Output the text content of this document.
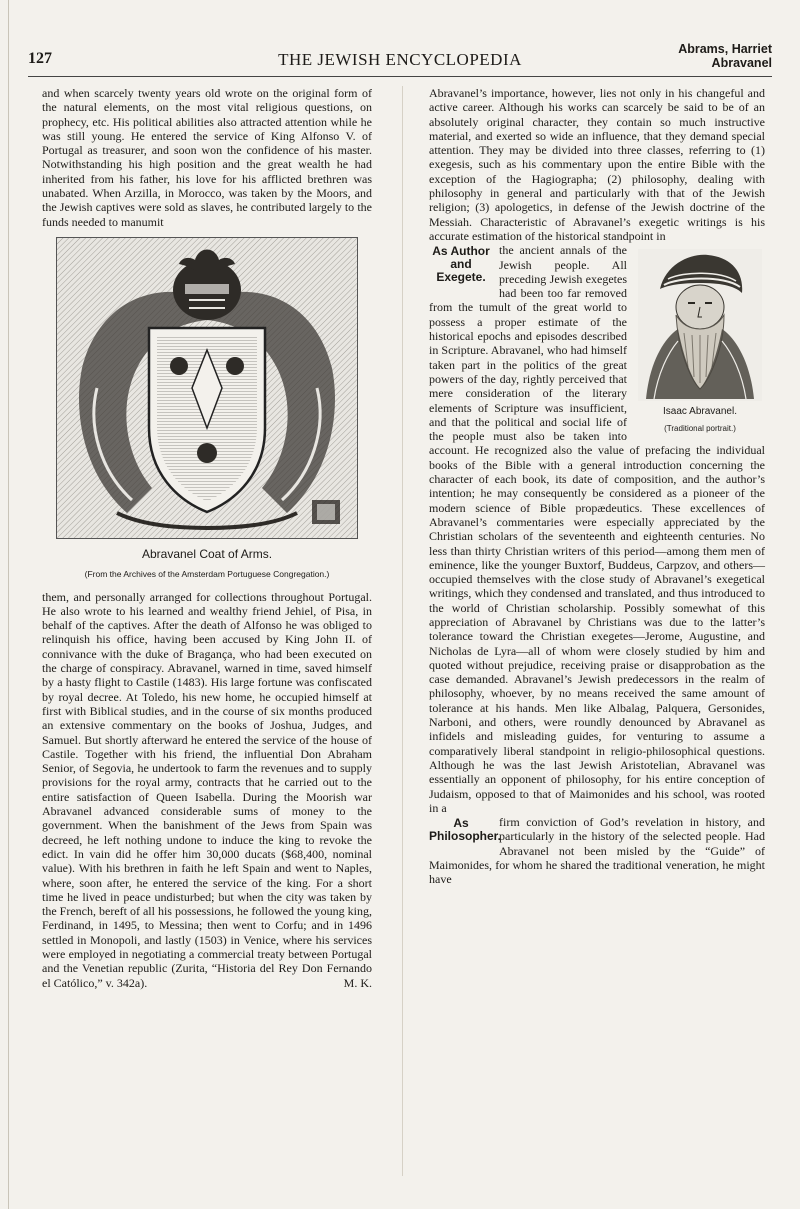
127	THE JEWISH ENCYCLOPEDIA
Abrams, Harriet
Abravanel

and when scarcely twenty years old wrote on the original form of the natural elements, on the most vital religious questions, on prophecy, etc. His political abilities also attracted attention while he was still young. He entered the service of King Alfonso V. of Portugal as treasurer, and soon won the confidence of his master. Notwithstanding his high position and the great wealth he had inherited from his father, his love for his afflicted brethren was unabated. When Arzilla, in Morocco, was taken by the Moors, and the Jewish captives were sold as slaves, he contributed largely to the funds needed to manumit

Abravanel Coat of Arms.
(From the Archives of the Amsterdam Portuguese Congregation.)

them, and personally arranged for collections throughout Portugal. He also wrote to his learned and wealthy friend Jehiel, of Pisa, in behalf of the captives. After the death of Alfonso he was obliged to relinquish his office, having been accused by King John II. of connivance with the duke of Bragança, who had been executed on the charge of conspiracy. Abravanel, warned in time, saved himself by a hasty flight to Castile (1483). His large fortune was confiscated by royal decree. At Toledo, his new home, he occupied himself at first with Biblical studies, and in the course of six months produced an extensive commentary on the books of Joshua, Judges, and Samuel. But shortly afterward he entered the service of the house of Castile. Together with his friend, the influential Don Abraham Senior, of Segovia, he undertook to farm the revenues and to supply provisions for the royal army, contracts that he carried out to the entire satisfaction of Queen Isabella. During the Moorish war Abravanel advanced considerable sums of money to the government. When the banishment of the Jews from Spain was decreed, he left nothing undone to induce the king to revoke the edict. In vain did he offer him 30,000 ducats ($68,400, nominal value). With his brethren in faith he left Spain and went to Naples, where, soon after, he entered the service of the king. For a short time he lived in peace undisturbed; but when the city was taken by the French, bereft of all his possessions, he followed the young king, Ferdinand, in 1495, to Messina; then went to Corfu; and in 1496 settled in Monopoli, and lastly (1503) in Venice, where his services were employed in negotiating a commercial treaty between Portugal and the Venetian republic (Zurita, “Historia del Rey Don Fernando el Católico,” v. 342a).	M. K.

Abravanel’s importance, however, lies not only in his changeful and active career. Although his works can scarcely be said to be of an absolutely original character, they contain so much instructive material, and exerted so wide an influence, that they demand special attention. They may be divided into three classes, referring to (1) exegesis, such as his commentary upon the entire Bible with the exception of the Hagiographa; (2) philosophy, dealing with philosophy in general and particularly with that of the Jewish religion; (3) apologetics, in defense of the Jewish doctrine of the Messiah. Characteristic of Abravanel’s exegetic writings is his accurate estimation of the historical standpoint in

As Author and Exegete.

Isaac Abravanel.
(Traditional portrait.)
the ancient annals of the Jewish people. All preceding Jewish exegetes had been too far removed from the tumult of the great world to possess a proper estimate of the historical epochs and episodes described in Scripture. Abravanel, who had himself taken part in the politics of the great powers of the day, rightly perceived that mere consideration of the literary elements of Scripture was insufficient, and that the political and social life of the people must also be taken into account. He recognized also the value of prefacing the individual books of the Bible with a general introduction concerning the character of each book, its date of composition, and the author’s intention; he may consequently be considered as a pioneer of the modern science of Bible propædeutics. These excellences of Abravanel’s commentaries were especially appreciated by the Christian scholars of the seventeenth and eighteenth centuries. No less than thirty Christian writers of this period—among them men of eminence, like the younger Buxtorf, Buddeus, Carpzov, and others—occupied themselves with the close study of Abravanel’s exegetical writings, which they condensed and translated, and thus introduced to the world of Christian scholarship. Possibly somewhat of this appreciation of Abravanel by Christians was due to the latter’s tolerance toward the Christian exegetes—Jerome, Augustine, and Nicholas de Lyra—all of whom were closely studied by him and quoted without prejudice, receiving praise or disapprobation as the case demanded. Abravanel’s Jewish predecessors in the realm of philosophy, whoever, by no means received the same amount of tolerance at his hands. Men like Albalag, Palquera, Gersonides, Narboni, and others, were roundly denounced by Abravanel as infidels and misleading guides, for venturing to assume a comparatively liberal standpoint in religio-philosophical questions. Although he was the last Jewish Aristotelian, Abravanel was essentially an opponent of philosophy, for his entire conception of Judaism, opposed to that of Maimonides and his school, was rooted in a

As Philosopher.

firm conviction of God’s revelation in history, and particularly in the history of the selected people. Had Abravanel not been misled by the “Guide” of Maimonides, for whom he shared the traditional veneration, he might have
